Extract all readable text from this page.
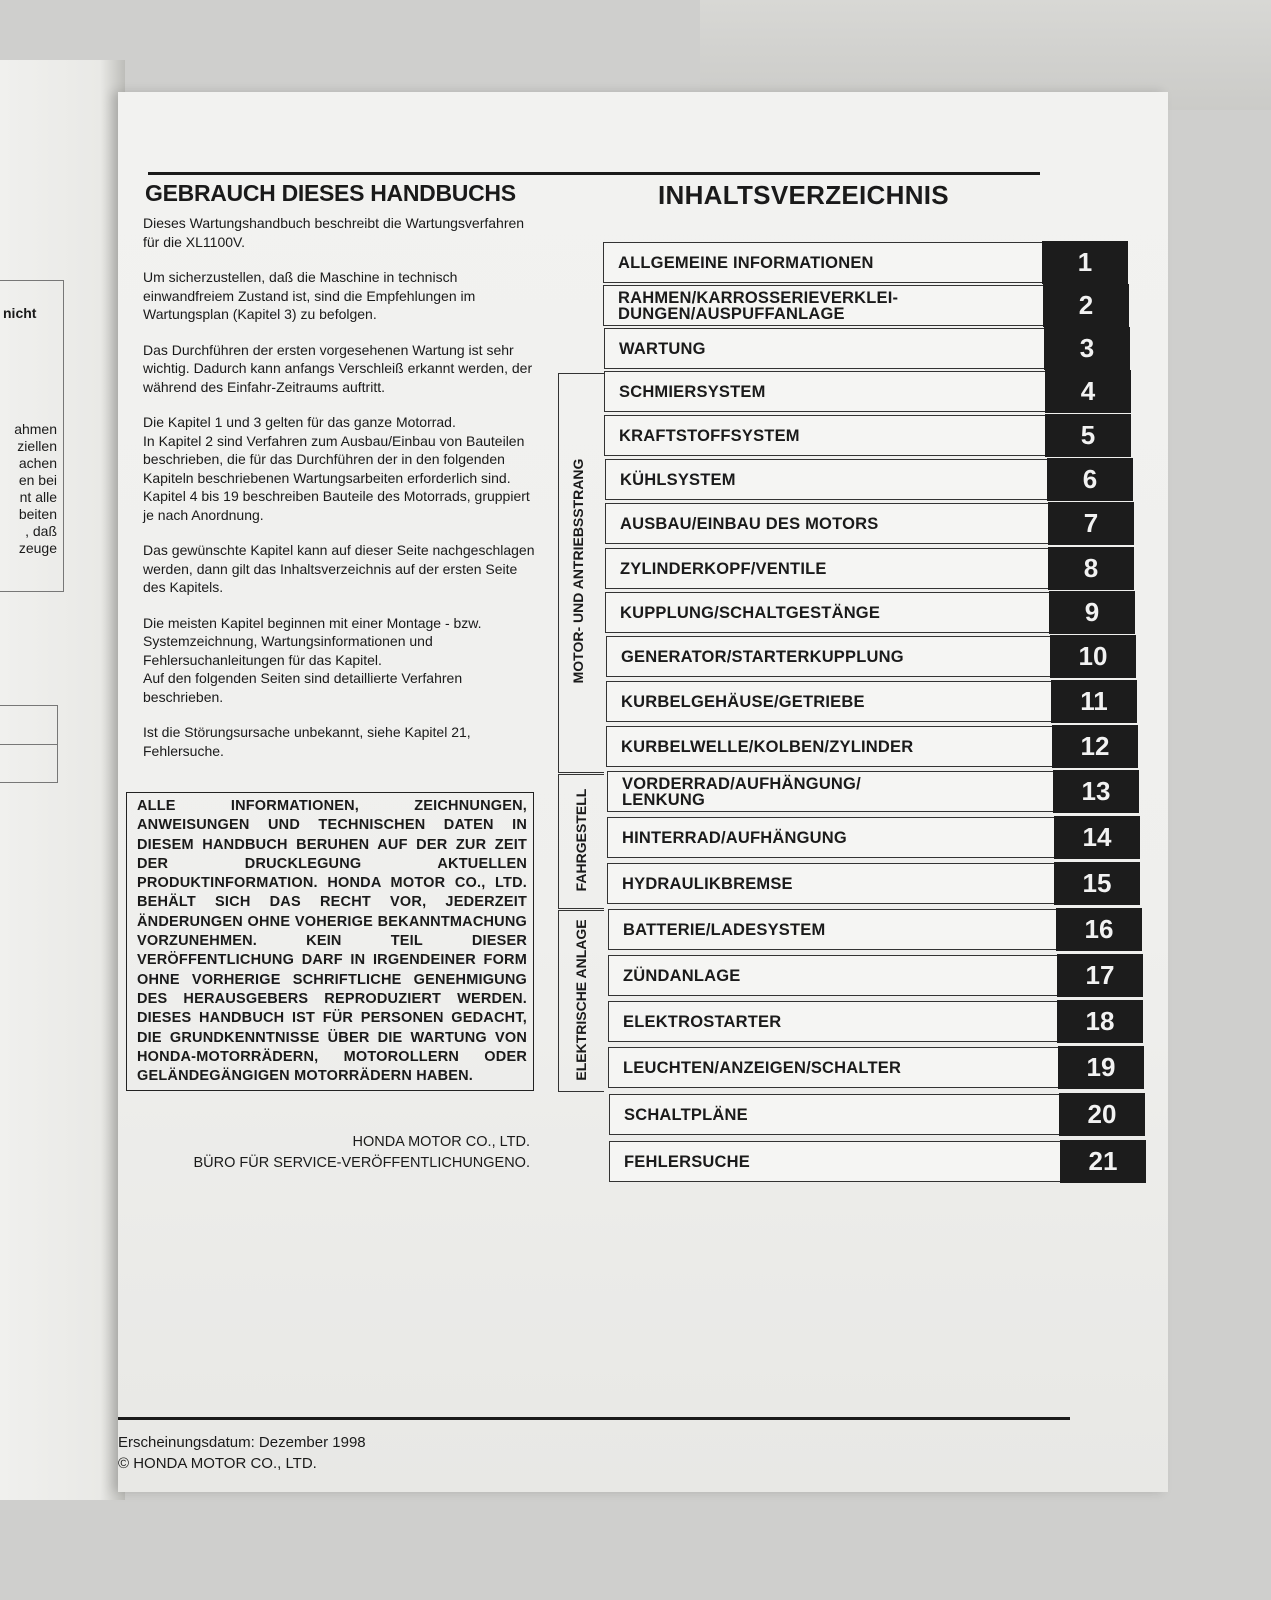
nicht
ahmen
ziellen
achen
en bei
nt alle
beiten
, daß
zeuge
GEBRAUCH DIESES HANDBUCHS

Dieses Wartungshandbuch beschreibt die Wartungsverfahren für die XL1100V.

Um sicherzustellen, daß die Maschine in technisch einwandfreiem Zustand ist, sind die Empfehlungen im Wartungsplan (Kapitel 3) zu befolgen.

Das Durchführen der ersten vorgesehenen Wartung ist sehr wichtig. Dadurch kann anfangs Verschleiß erkannt werden, der während des Einfahr-Zeitraums auftritt.

Die Kapitel 1 und 3 gelten für das ganze Motorrad.

In Kapitel 2 sind Verfahren zum Ausbau/Einbau von Bauteilen beschrieben, die für das Durchführen der in den folgenden Kapiteln beschriebenen Wartungsarbeiten erforderlich sind.

Kapitel 4 bis 19 beschreiben Bauteile des Motorrads, gruppiert je nach Anordnung.

Das gewünschte Kapitel kann auf dieser Seite nachgeschlagen werden, dann gilt das Inhaltsverzeichnis auf der ersten Seite des Kapitels.

Die meisten Kapitel beginnen mit einer Montage - bzw. Systemzeichnung, Wartungsinformationen und Fehlersuchanleitungen für das Kapitel.

Auf den folgenden Seiten sind detaillierte Verfahren beschrieben.

Ist die Störungsursache unbekannt, siehe Kapitel 21, Fehlersuche.

ALLE INFORMATIONEN, ZEICHNUNGEN, ANWEISUNGEN UND TECHNISCHEN DATEN IN DIESEM HANDBUCH BERUHEN AUF DER ZUR ZEIT DER DRUCKLEGUNG AKTUELLEN PRODUKTINFORMATION. HONDA MOTOR CO., LTD. BEHÄLT SICH DAS RECHT VOR, JEDERZEIT ÄNDERUNGEN OHNE VOHERIGE BEKANNTMACHUNG VORZUNEHMEN. KEIN TEIL DIESER VERÖFFENTLICHUNG DARF IN IRGENDEINER FORM OHNE VORHERIGE SCHRIFTLICHE GENEHMIGUNG DES HERAUSGEBERS REPRODUZIERT WERDEN. DIESES HANDBUCH IST FÜR PERSONEN GEDACHT, DIE GRUNDKENNTNISSE ÜBER DIE WARTUNG VON HONDA-MOTORRÄDERN, MOTOROLLERN ODER GELÄNDEGÄNGIGEN MOTORRÄDERN HABEN.
HONDA MOTOR CO., LTD.
BÜRO FÜR SERVICE-VERÖFFENTLICHUNGENO.
Erscheinungsdatum: Dezember 1998
© HONDA MOTOR CO., LTD.
INHALTSVERZEICHNIS
ALLGEMEINE INFORMATIONEN	1
RAHMEN/KARROSSERIEVERKLEI-
DUNGEN/AUSPUFFANLAGE	2
WARTUNG	3
SCHMIERSYSTEM	4
KRAFTSTOFFSYSTEM	5
KÜHLSYSTEM	6
AUSBAU/EINBAU DES MOTORS	7
ZYLINDERKOPF/VENTILE	8
KUPPLUNG/SCHALTGESTÄNGE	9
GENERATOR/STARTERKUPPLUNG	10
KURBELGEHÄUSE/GETRIEBE	11
KURBELWELLE/KOLBEN/ZYLINDER	12
VORDERRAD/AUFHÄNGUNG/
LENKUNG	13
HINTERRAD/AUFHÄNGUNG	14
HYDRAULIKBREMSE	15
BATTERIE/LADESYSTEM	16
ZÜNDANLAGE	17
ELEKTROSTARTER	18
LEUCHTEN/ANZEIGEN/SCHALTER	19
SCHALTPLÄNE	20
FEHLERSUCHE	21
MOTOR- UND ANTRIEBSSTRANG
FAHRGESTELL
ELEKTRISCHE ANLAGE
